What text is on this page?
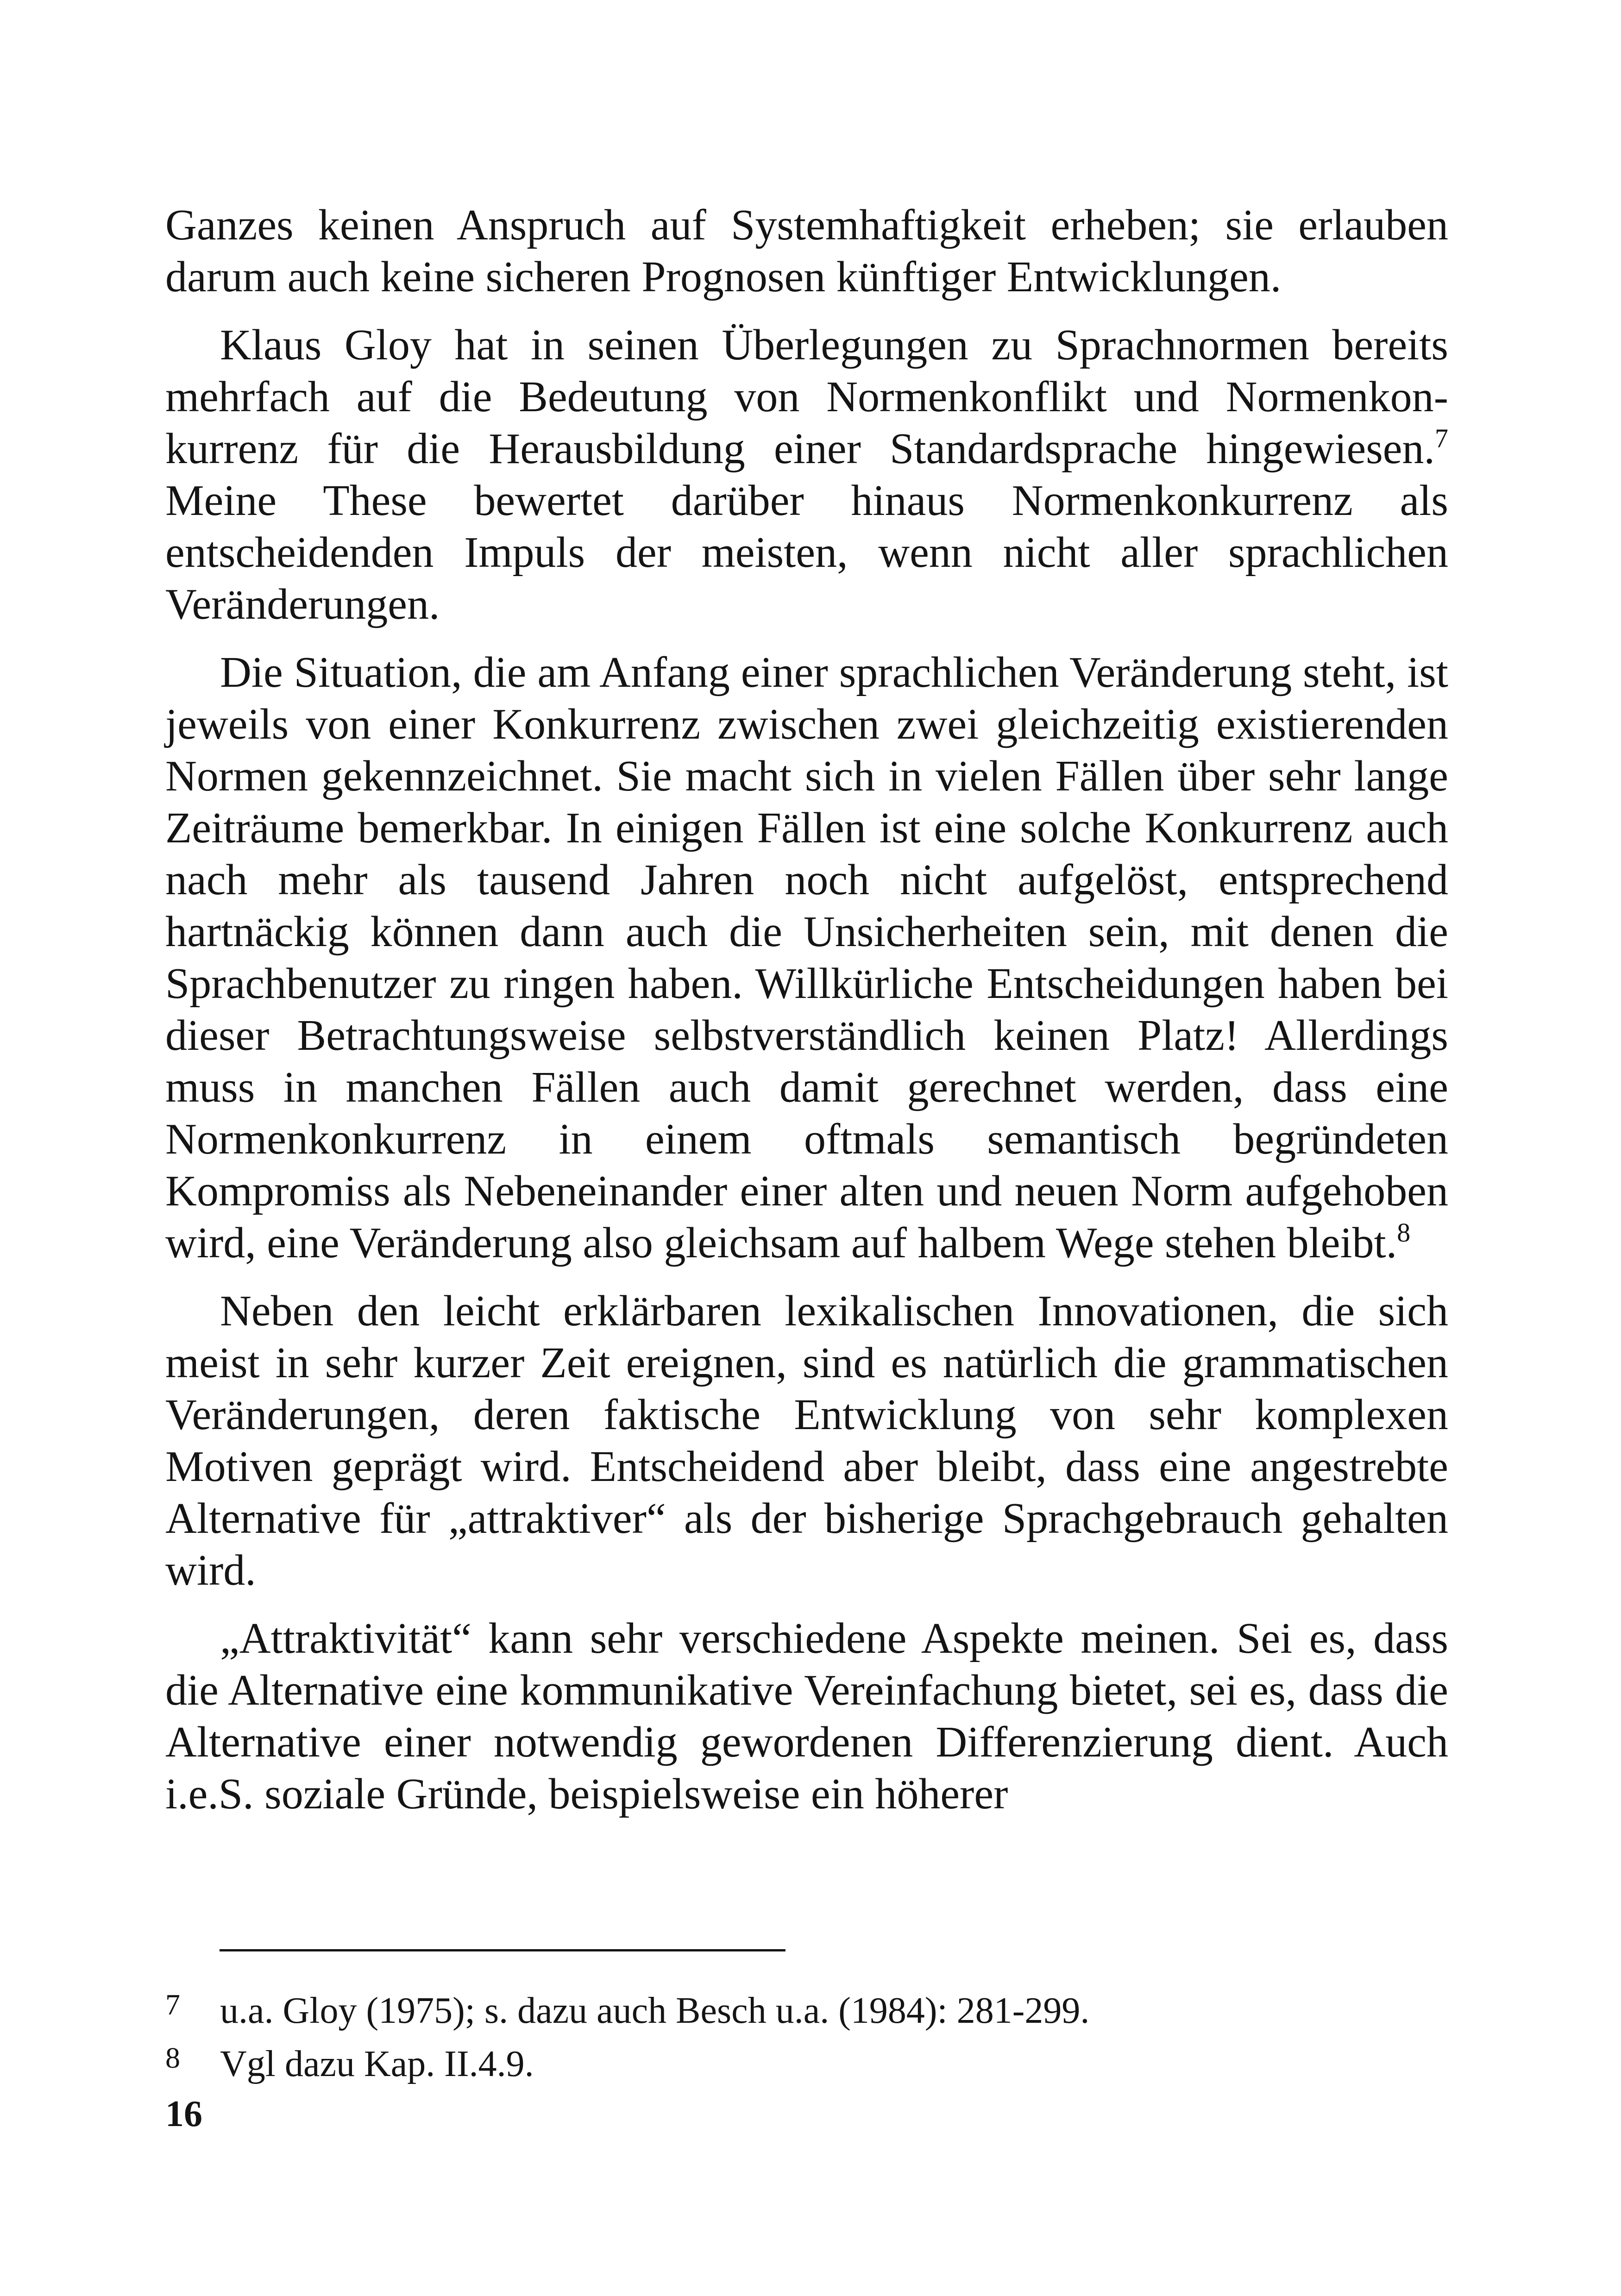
Ganzes keinen Anspruch auf Systemhaftigkeit erheben; sie erlauben darum auch keine sicheren Prognosen künftiger Entwicklungen.

Klaus Gloy hat in seinen Überlegungen zu Sprachnormen bereits mehrfach auf die Bedeutung von Normenkonflikt und Normenkonkurrenz für die Herausbildung einer Standardsprache hingewiesen.$^7$ Meine These bewertet darüber hinaus Normenkonkurrenz als entscheidenden Impuls der meisten, wenn nicht aller sprachlichen Veränderungen.

Die Situation, die am Anfang einer sprachlichen Veränderung steht, ist jeweils von einer Konkurrenz zwischen zwei gleichzeitig existierenden Normen gekennzeichnet. Sie macht sich in vielen Fällen über sehr lange Zeiträume bemerkbar. In einigen Fällen ist eine solche Konkurrenz auch nach mehr als tausend Jahren noch nicht aufgelöst, entsprechend hartnäckig können dann auch die Unsicherheiten sein, mit denen die Sprachbenutzer zu ringen haben. Willkürliche Entscheidungen haben bei dieser Betrachtungsweise selbstverständlich keinen Platz! Allerdings muss in manchen Fällen auch damit gerechnet werden, dass eine Normenkonkurrenz in einem oftmals semantisch begründeten Kompromiss als Nebeneinander einer alten und neuen Norm aufgehoben wird, eine Veränderung also gleichsam auf halbem Wege stehen bleibt.$^8$

Neben den leicht erklärbaren lexikalischen Innovationen, die sich meist in sehr kurzer Zeit ereignen, sind es natürlich die grammatischen Veränderungen, deren faktische Entwicklung von sehr komplexen Motiven geprägt wird. Entscheidend aber bleibt, dass eine angestrebte Alternative für „attraktiver“ als der bisherige Sprachgebrauch gehalten wird.

„Attraktivität“ kann sehr verschiedene Aspekte meinen. Sei es, dass die Alternative eine kommunikative Vereinfachung bietet, sei es, dass die Alternative einer notwendig gewordenen Differenzierung dient. Auch i.e.S. soziale Gründe, beispielsweise ein höherer

7 u.a. Gloy (1975); s. dazu auch Besch u.a. (1984): 281-299.
8 Vgl dazu Kap. II.4.9.
16
